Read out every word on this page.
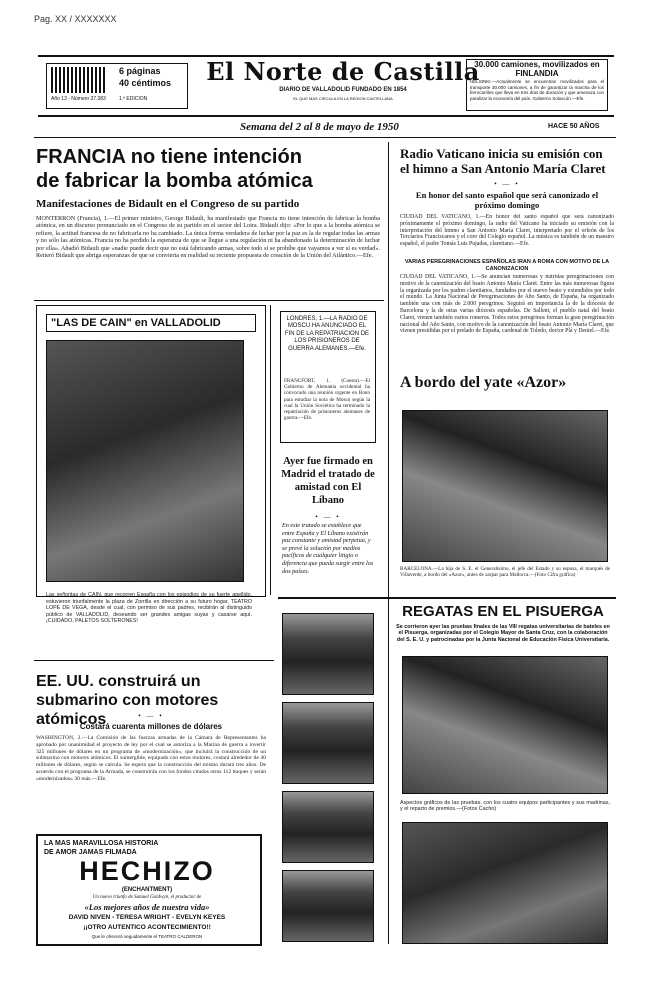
Pag. XX / XXXXXXX
6 páginas
40 céntimos
Año 13 - Número 37.383	1.ª EDICION
El Norte de Castilla
DIARIO DE VALLADOLID FUNDADO EN 1854
EL QUE MAS CIRCULA EN LA REGION CASTELLANA
30.000 camiones, movilizados en FINLANDIA
HELSINKI.—Actualmente se encuentran movilizados para el transporte 30.000 camiones, a fin de garantizar la marcha de los ferrocarriles que lleva en tres días de duración y que amenaza con paralizar la economía del país. Gobierno Soluscón.—Efe.
Semana del 2 al 8 de mayo de 1950	HACE 50 AÑOS
FRANCIA no tiene intención
de fabricar la bomba atómica
Manifestaciones de Bidault en el Congreso de su partido
MONTERRON (Francia), 1.—El primer ministro, George Bidault, ha manifestado que Francia no tiene intención de fabricar la bomba atómica, en un discurso pronunciado en el Congreso de su partido en el sector del Loira. Bidault dijo: «Por lo que a la bomba atómica se refiere, la actitud francesa de no fabricarla no ha cambiado. La única forma verdadera de luchar por la paz es la de regular todas las armas y no sólo las atómicas. Francia no ha perdido la esperanza de que se llegue a una regulación ni ha abandonado la determinación de luchar por ella». Añadió Bidault que «nadie puede decir que no está fabricando armas, sobre todo si se prohíbe que vayamos a ver si es verdad». Reiteró Bidault que abriga esperanzas de que se convierta en realidad su reciente propuesta de creación de la Unión del Atlántico.—Efe.
Radio Vaticano inicia su emisión con el himno a San Antonio María Claret
• — •
En honor del santo español que será canonizado el próximo domingo
CIUDAD DEL VATICANO, 1.—En honor del santo español que será canonizado próximamente el próximo domingo, la radio del Vaticano ha iniciado su emisión con la interpretación del himno a San Antonio María Claret, interpretado por el orfeón de los Terciarios Franciscanos y el coro del Colegio español. La música es también de un maestro español, el padre Tomás Luis Pujadas, claretiano.—Efe.
VARIAS PEREGRINACIONES ESPAÑOLAS IRAN A ROMA CON MOTIVO DE LA CANONIZACION
CIUDAD DEL VATICANO, 1.—Se anuncian numerosas y nutridas peregrinaciones con motivo de la canonización del beato Antonio María Claret. Entre las más numerosas figura la organizada por los padres claretianos, fundados por el nuevo beato y extendidos por todo el mundo. La Junta Nacional de Peregrinaciones de Año Santo, de España, ha organizado también una con más de 2.000 peregrinos. Seguirá en importancia la de la diócesis de Barcelona y la de otras varias diócesis españolas. De Sallent, el pueblo natal del beato Claret, vienen también varios romeros. Todos estos peregrinos forman la gran peregrinación nacional del Año Santo, con motivo de la canonización del beato Antonio María Claret, que vienen presididas por el prelado de España, cardenal de Toledo, doctor Plá y Deniel.—Efe.
A bordo del yate «Azor»
BARCELONA.—La hija de S. E. el Generalísimo, el jefe del Estado y su esposa, el marqués de Villaverde, a bordo del «Azor», antes de zarpar para Mallorca.—(Foto Cifra gráfica)
"LAS DE CAIN" en VALLADOLID
Las señoritas de CAIN, que recorren España con los episodios de su fuerte apellido, estuvieron triunfalmente la plaza de Zorrilla en dirección a su futuro hogar, TEATRO LOPE DE VEGA, desde el cual, con permiso de sus padres, recibirán al distinguido público de VALLADOLID, deseando ser grandes amigas suyas y casarse aquí. ¡CUIDADO, PALETOS SOLTERONES!
LONDRES, 1.—LA RADIO DE MOSCU HA ANUNCIADO EL FIN DE LA REPATRIACION DE LOS PRISIONEROS DE GUERRA ALEMANES.—Efe.
FRANCFORT, 1. (Cuesta).—El Gobierno de Alemania occidental ha convocado una reunión urgente en Bonn para estudiar la nota de Moscú según la cual la Unión Soviética ha terminado la repatriación de prisioneros alemanes de guerra.—Efe.
Ayer fue firmado en Madrid el tratado de amistad con El Líbano
• — •
En este tratado se establece que entre España y El Líbano existirán paz constante y amistad perpetua, y se prevé la solución por medios pacíficos de cualquier litigio o diferencia que pueda surgir entre los dos países.
EE. UU. construirá un submarino con motores atómicos	• — •
Costará cuarenta millones de dólares
WASHINGTON, 2.—La Comisión de las fuerzas armadas de la Cámara de Representantes ha aprobado por unanimidad el proyecto de ley por el cual se autoriza a la Marina de guerra a invertir 325 millones de dólares en un programa de «modernización», que incluirá la construcción de un submarino con motores atómicos. El sumergible, equipado con estos motores, costará alrededor de 40 millones de dólares, según se calcula. Se espera que la construcción del mismo durará tres años. De acuerdo con el programa de la Armada, se construirán con los fondos citados otros 112 buques y serán «modernizados» 30 más.—Efe.
LA MAS MARAVILLOSA HISTORIA
DE AMOR JAMAS FILMADA
HECHIZO
(ENCHANTMENT)
Un nuevo triunfo de Samuel Goldwyn, el productor de
«Los mejores años de nuestra vida»
DAVID NIVEN - TERESA WRIGHT - EVELYN KEYES
¡¡OTRO AUTENTICO ACONTECIMIENTO!!
Que le ofrecerá seguidamente el TEATRO CALDERON
REGATAS EN EL PISUERGA
Se corrieron ayer las pruebas finales de las VIII regatas universitarias de bateles en el Pisuerga, organizadas por el Colegio Mayor de Santa Cruz, con la colaboración del S. E. U. y patrocinadas por la Junta Nacional de Educación Física Universitaria.
Aspectos gráficos de las pruebas, con los cuatro equipos participantes y sus madrinas, y el reparto de premios.—(Fotos Cacho)
